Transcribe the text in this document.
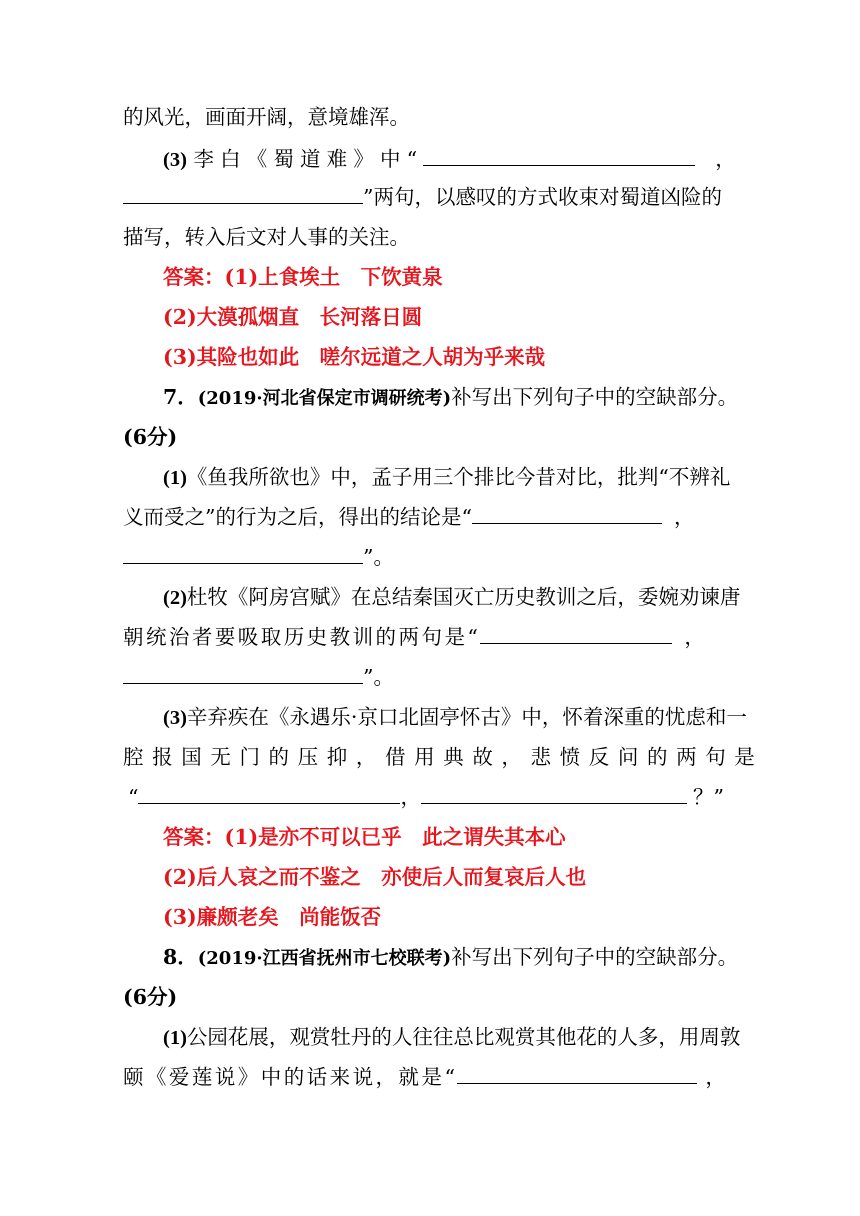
的风光，画面开阔，意境雄浑。
(3) 李白《蜀道难》中“	，
”两句，以感叹的方式收束对蜀道凶险的
描写，转入后文对人事的关注。
答案：(1)上食埃土　下饮黄泉
(2)大漠孤烟直　长河落日圆
(3)其险也如此　嗟尔远道之人胡为乎来哉
7．(2019·河北省保定市调研统考)补写出下列句子中的空缺部分。
(6分)
(1)《鱼我所欲也》中，孟子用三个排比今昔对比，批判“不辨礼
义而受之”的行为之后，得出的结论是“	，
”。
(2)杜牧《阿房宫赋》在总结秦国灭亡历史教训之后，委婉劝谏唐
朝统治者要吸取历史教训的两句是“	，
”。
(3)辛弃疾在《永遇乐·京口北固亭怀古》中，怀着深重的忧虑和一
腔报国无门的压抑，借用典故，悲愤反问的两句是
“	，	？”
答案：(1)是亦不可以已乎　此之谓失其本心
(2)后人哀之而不鉴之　亦使后人而复哀后人也
(3)廉颇老矣　尚能饭否
8．(2019·江西省抚州市七校联考)补写出下列句子中的空缺部分。
(6分)
(1)公园花展，观赏牡丹的人往往总比观赏其他花的人多，用周敦
颐《爱莲说》中的话来说，就是“	，
